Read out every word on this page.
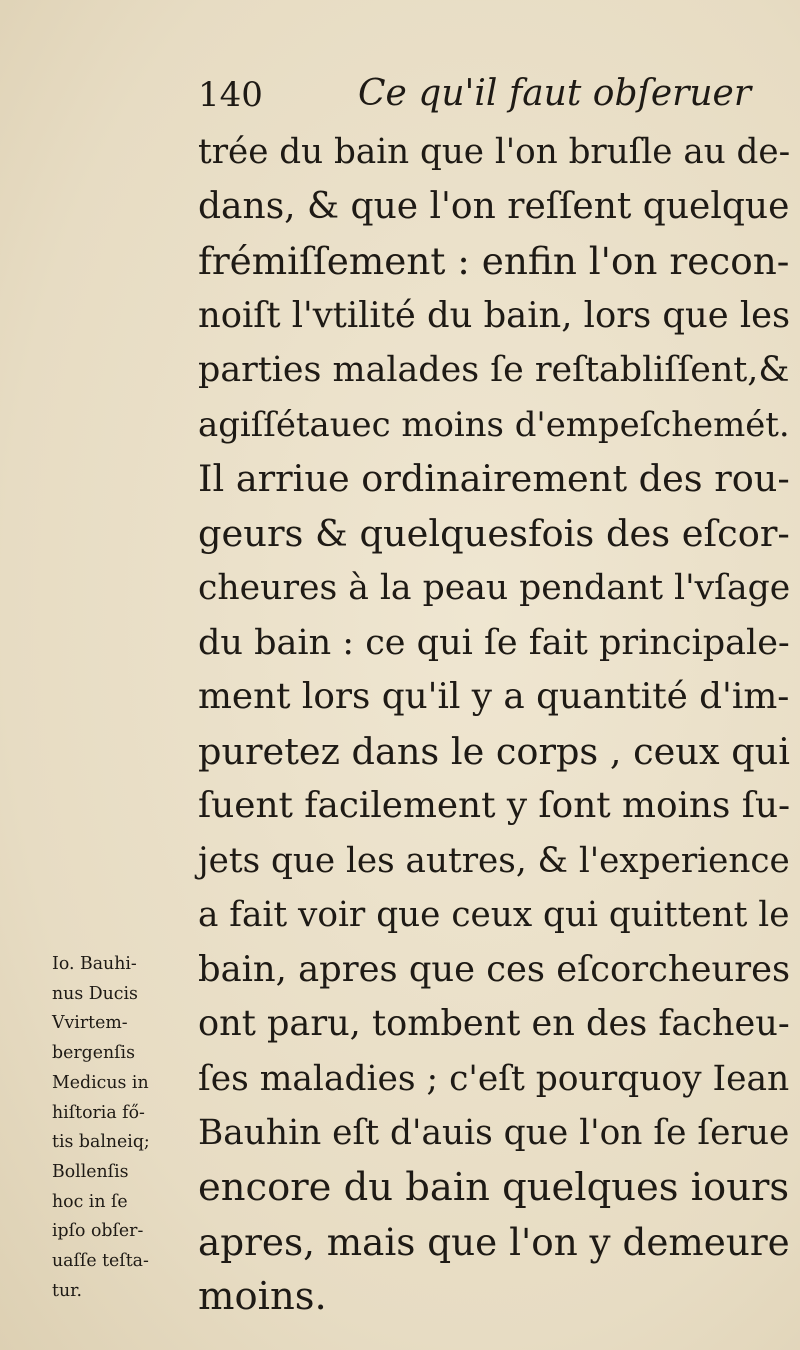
140	Ce qu'il faut obſeruer
trée du bain que l'on bruſle au de-
dans, & que l'on reſſent quelque
frémiſſement : enfin l'on recon-
noiſt l'vtilité du bain, lors que les
parties malades ſe reſtabliſſent,&
agiſſétauec moins d'empeſchemét.
Il arriue ordinairement des rou-
geurs & quelquesfois des eſcor-
cheures à la peau pendant l'vſage
du bain : ce qui ſe fait principale-
ment lors qu'il y a quantité d'im-
puretez dans le corps , ceux qui
ſuent facilement y ſont moins ſu-
jets que les autres, & l'experience
a fait voir que ceux qui quittent le
bain, apres que ces eſcorcheures
ont paru, tombent en des facheu-
ſes maladies ; c'eſt pourquoy Iean
Bauhin eſt d'auis que l'on ſe ſerue
encore du bain quelques iours
apres, mais que l'on y demeure
moins.
Io. Bauhi-
nus Ducis
Vvirtem-
bergenſis
Medicus in
hiſtoria fő-
tis balneiq;
Bollenſis
hoc in ſe
ipſo obſer-
uaſſe teſta-
tur.
